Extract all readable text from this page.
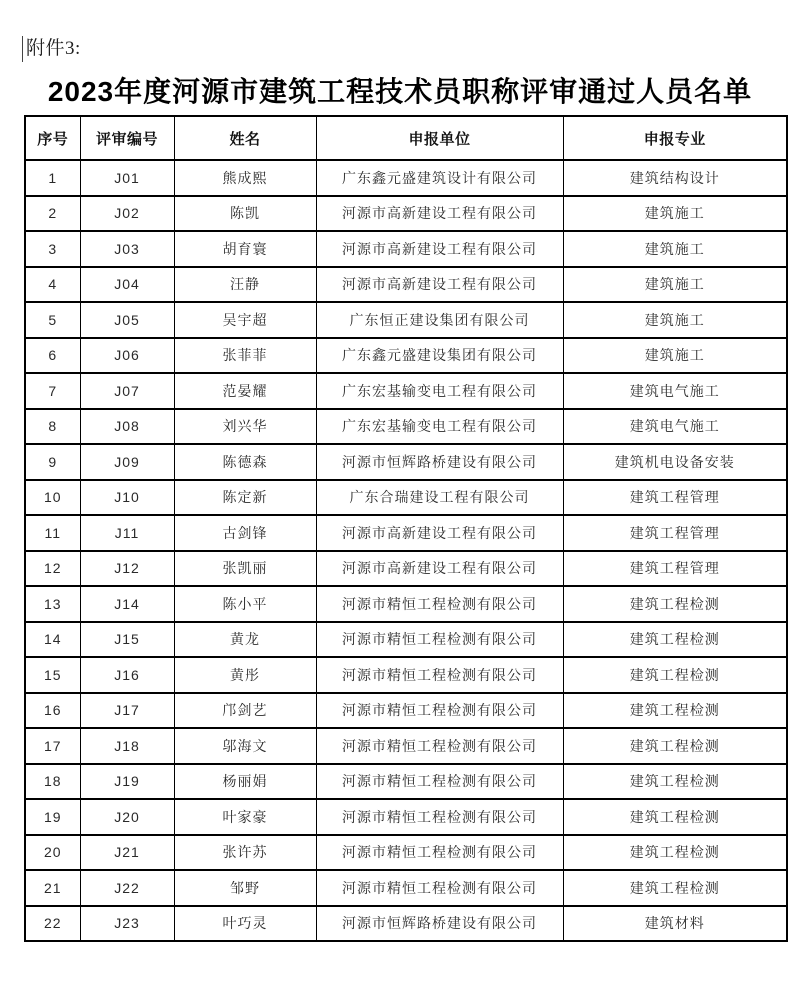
附件3:
2023年度河源市建筑工程技术员职称评审通过人员名单
序号	评审编号	姓名	申报单位	申报专业
1	J01	熊成熙	广东鑫元盛建筑设计有限公司	建筑结构设计
2	J02	陈凯	河源市高新建设工程有限公司	建筑施工
3	J03	胡育寰	河源市高新建设工程有限公司	建筑施工
4	J04	汪静	河源市高新建设工程有限公司	建筑施工
5	J05	吴宇超	广东恒正建设集团有限公司	建筑施工
6	J06	张菲菲	广东鑫元盛建设集团有限公司	建筑施工
7	J07	范晏耀	广东宏基输变电工程有限公司	建筑电气施工
8	J08	刘兴华	广东宏基输变电工程有限公司	建筑电气施工
9	J09	陈德森	河源市恒辉路桥建设有限公司	建筑机电设备安装
10	J10	陈定新	广东合瑞建设工程有限公司	建筑工程管理
11	J11	古剑锋	河源市高新建设工程有限公司	建筑工程管理
12	J12	张凯丽	河源市高新建设工程有限公司	建筑工程管理
13	J14	陈小平	河源市精恒工程检测有限公司	建筑工程检测
14	J15	黄龙	河源市精恒工程检测有限公司	建筑工程检测
15	J16	黄彤	河源市精恒工程检测有限公司	建筑工程检测
16	J17	邝剑艺	河源市精恒工程检测有限公司	建筑工程检测
17	J18	邬海文	河源市精恒工程检测有限公司	建筑工程检测
18	J19	杨丽娟	河源市精恒工程检测有限公司	建筑工程检测
19	J20	叶家豪	河源市精恒工程检测有限公司	建筑工程检测
20	J21	张许苏	河源市精恒工程检测有限公司	建筑工程检测
21	J22	邹野	河源市精恒工程检测有限公司	建筑工程检测
22	J23	叶巧灵	河源市恒辉路桥建设有限公司	建筑材料
